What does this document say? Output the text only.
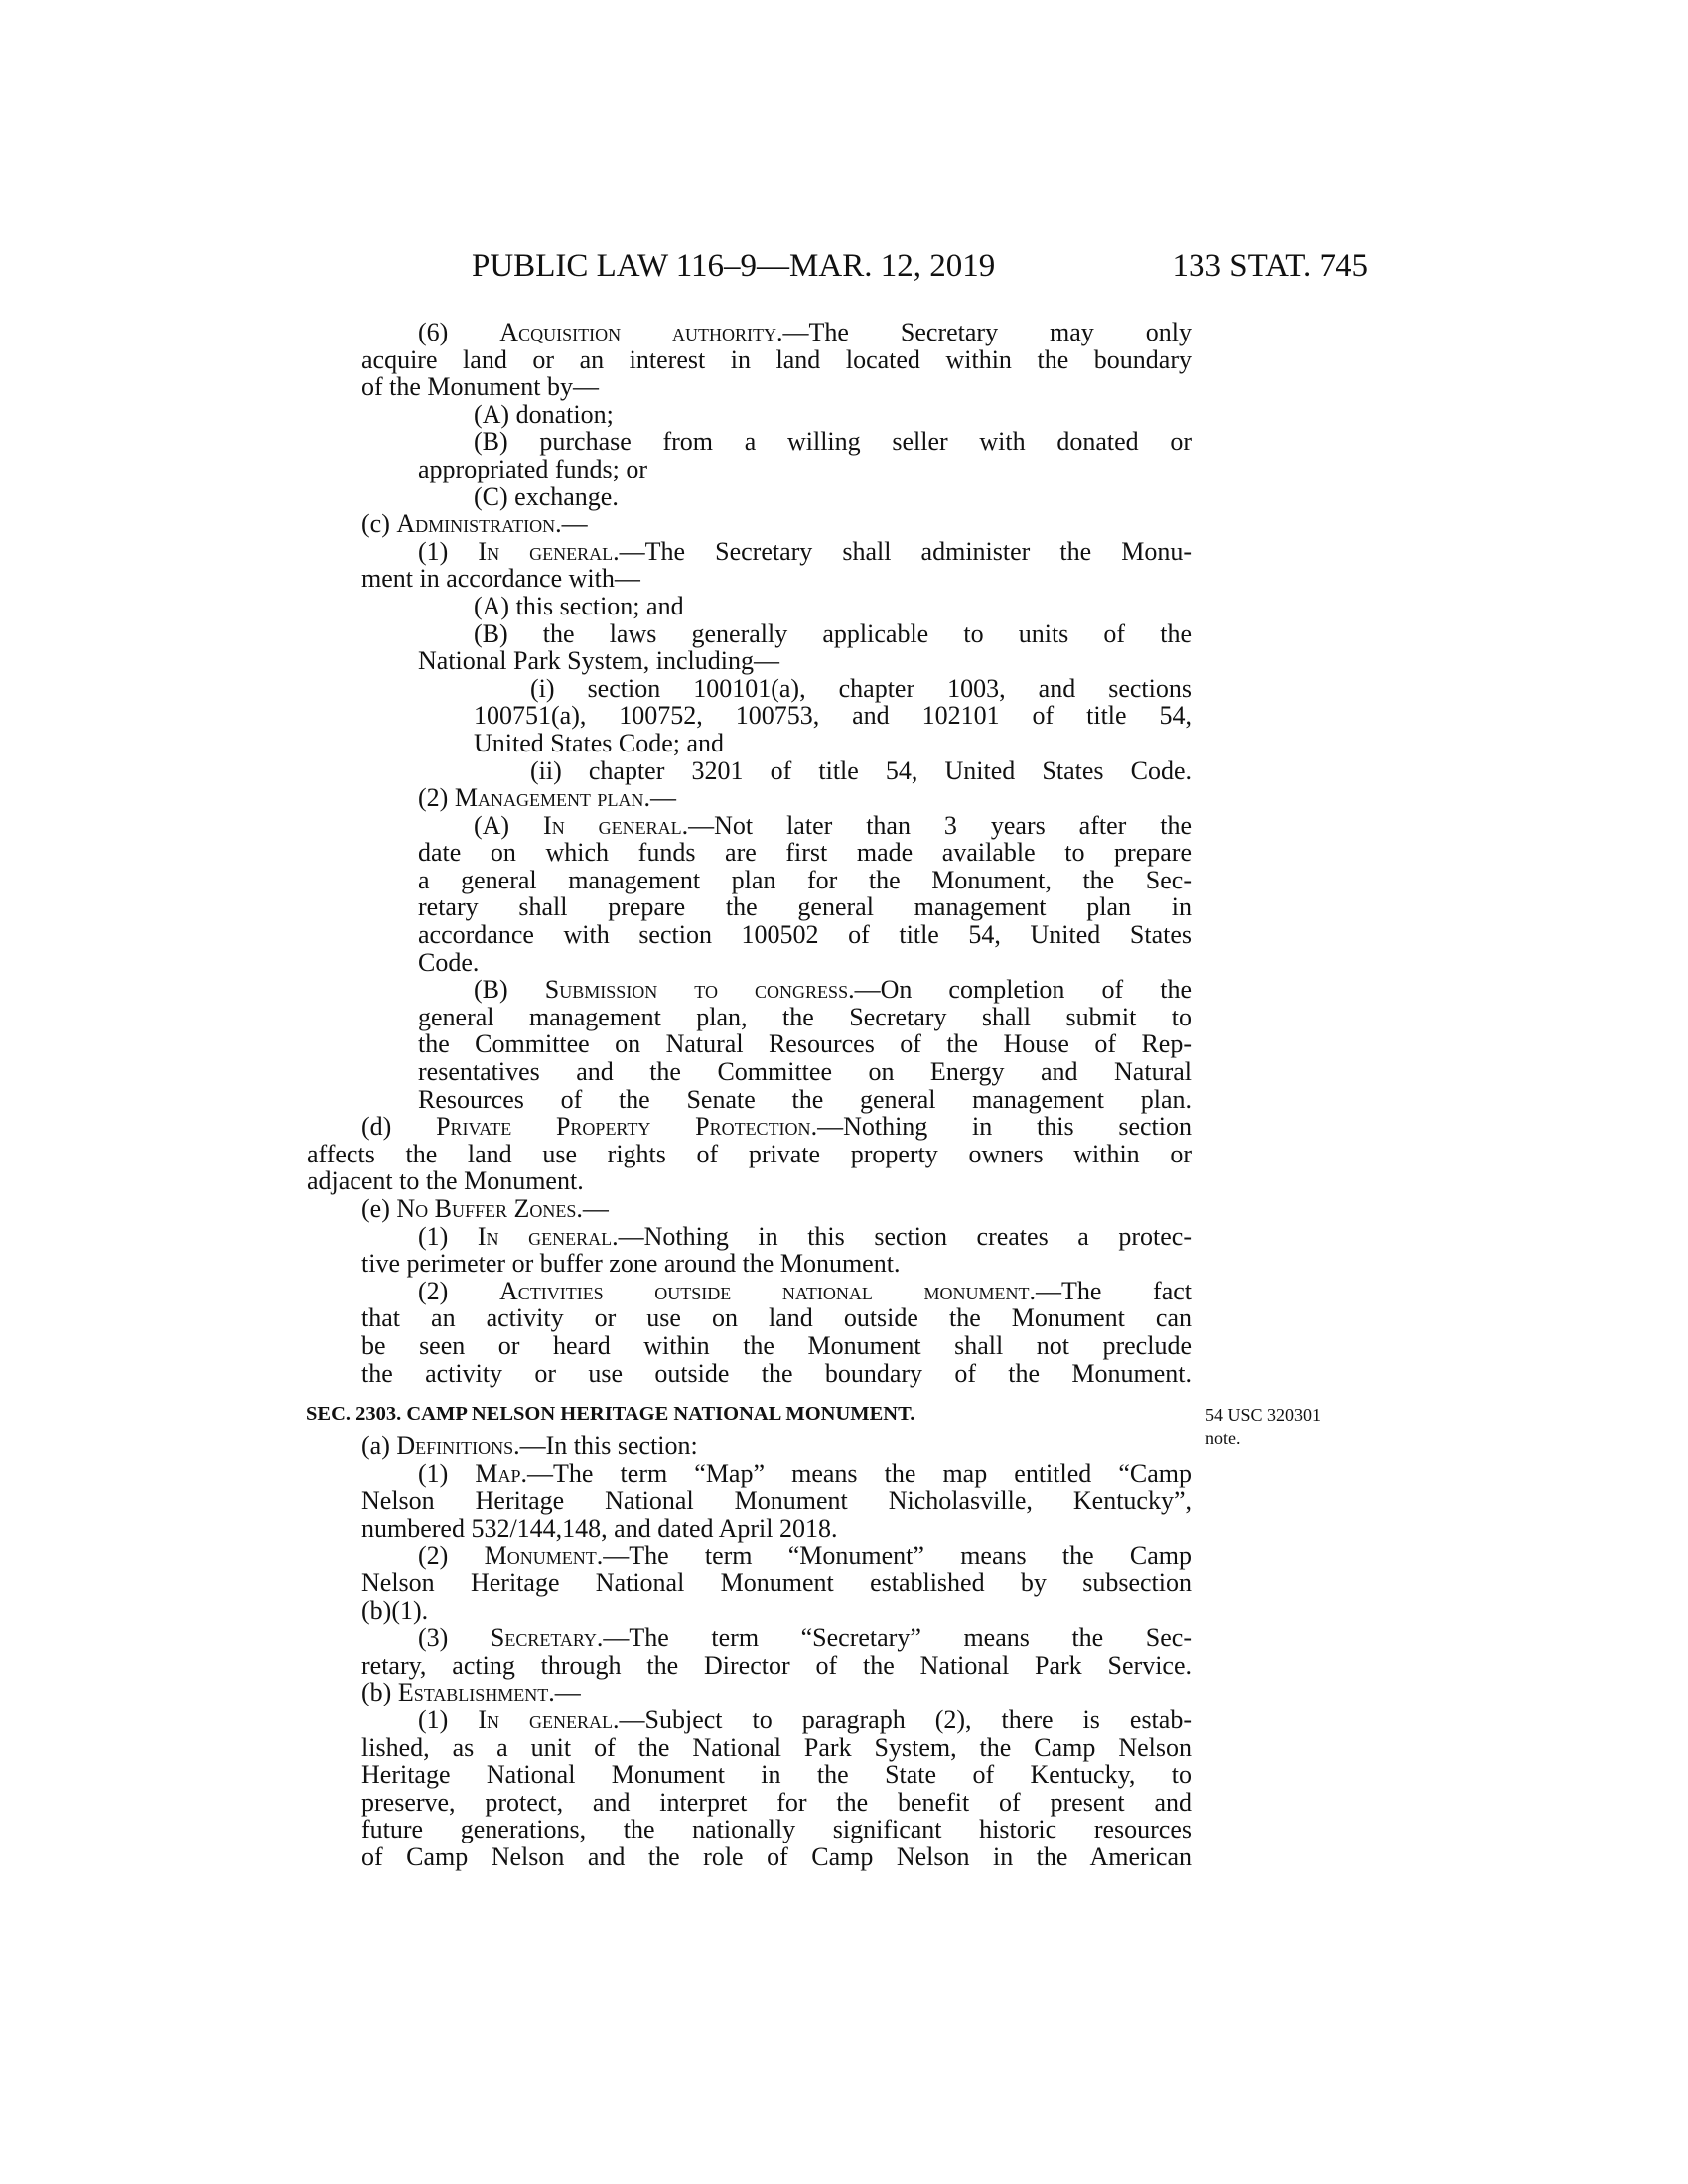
PUBLIC LAW 116–9—MAR. 12, 2019	133 STAT. 745
(6) Acquisition authority.—The Secretary may only
acquire land or an interest in land located within the boundary
of the Monument by—
(A) donation;
(B) purchase from a willing seller with donated or
appropriated funds; or
(C) exchange.
(c) Administration.—
(1) In general.—The Secretary shall administer the Monu-
ment in accordance with—
(A) this section; and
(B) the laws generally applicable to units of the
National Park System, including—
(i) section 100101(a), chapter 1003, and sections
100751(a), 100752, 100753, and 102101 of title 54,
United States Code; and
(ii) chapter 3201 of title 54, United States Code.
(2) Management plan.—
(A) In general.—Not later than 3 years after the
date on which funds are first made available to prepare
a general management plan for the Monument, the Sec-
retary shall prepare the general management plan in
accordance with section 100502 of title 54, United States
Code.
(B) Submission to congress.—On completion of the
general management plan, the Secretary shall submit to
the Committee on Natural Resources of the House of Rep-
resentatives and the Committee on Energy and Natural
Resources of the Senate the general management plan.
(d) Private Property Protection.—Nothing in this section
affects the land use rights of private property owners within or
adjacent to the Monument.
(e) No Buffer Zones.—
(1) In general.—Nothing in this section creates a protec-
tive perimeter or buffer zone around the Monument.
(2) Activities outside national monument.—The fact
that an activity or use on land outside the Monument can
be seen or heard within the Monument shall not preclude
the activity or use outside the boundary of the Monument.
SEC. 2303. CAMP NELSON HERITAGE NATIONAL MONUMENT.	54 USC 320301
note.
(a) Definitions.—In this section:
(1) Map.—The term “Map” means the map entitled “Camp
Nelson Heritage National Monument Nicholasville, Kentucky”,
numbered 532/144,148, and dated April 2018.
(2) Monument.—The term “Monument” means the Camp
Nelson Heritage National Monument established by subsection
(b)(1).
(3) Secretary.—The term “Secretary” means the Sec-
retary, acting through the Director of the National Park Service.
(b) Establishment.—
(1) In general.—Subject to paragraph (2), there is estab-
lished, as a unit of the National Park System, the Camp Nelson
Heritage National Monument in the State of Kentucky, to
preserve, protect, and interpret for the benefit of present and
future generations, the nationally significant historic resources
of Camp Nelson and the role of Camp Nelson in the American
